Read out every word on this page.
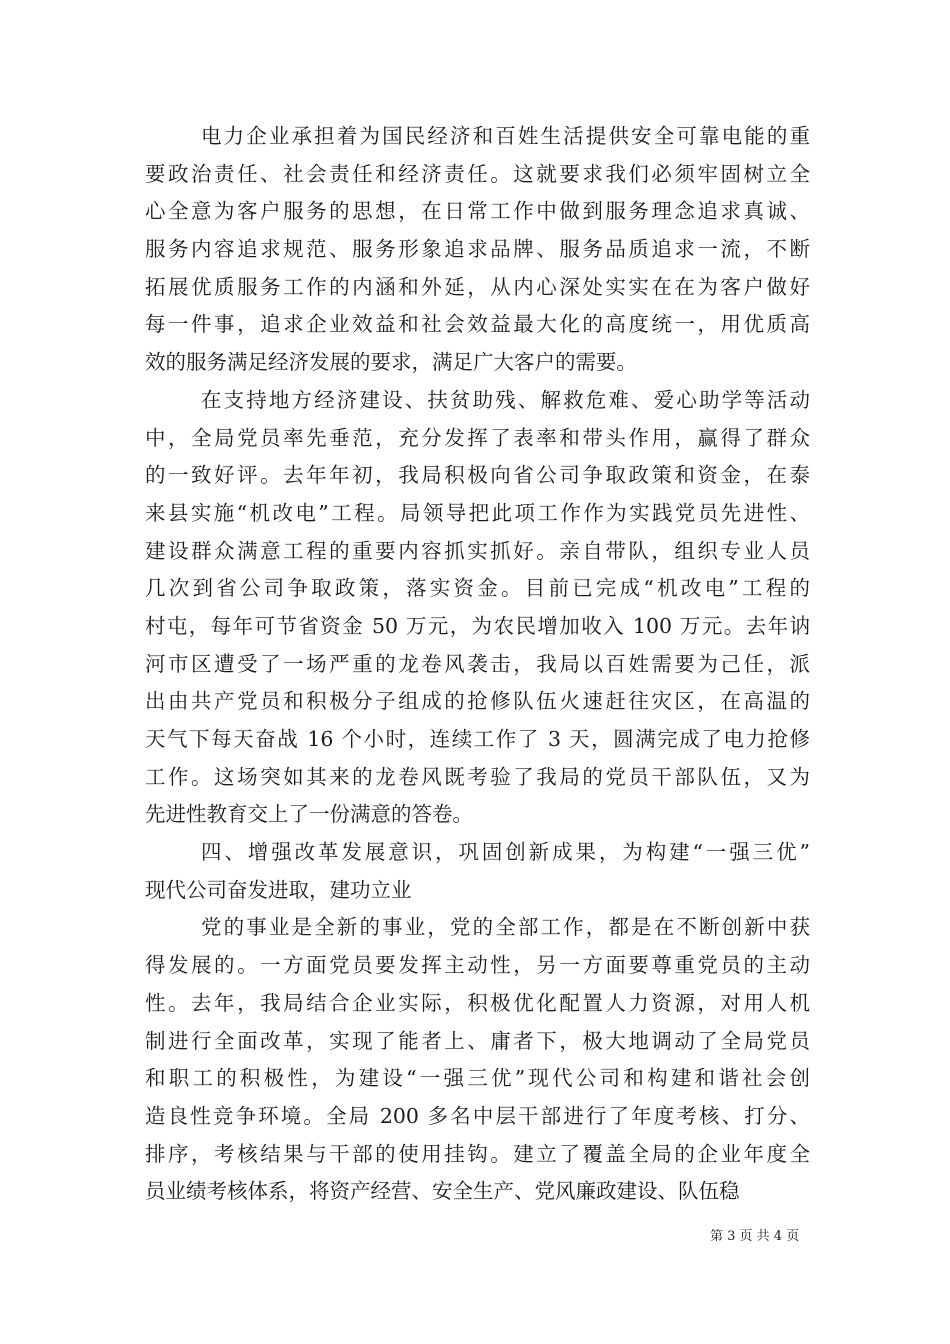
电力企业承担着为国民经济和百姓生活提供安全可靠电能的重
要政治责任、社会责任和经济责任。这就要求我们必须牢固树立全
心全意为客户服务的思想，在日常工作中做到服务理念追求真诚、
服务内容追求规范、服务形象追求品牌、服务品质追求一流，不断
拓展优质服务工作的内涵和外延，从内心深处实实在在为客户做好
每一件事，追求企业效益和社会效益最大化的高度统一，用优质高
效的服务满足经济发展的要求，满足广大客户的需要。
在支持地方经济建设、扶贫助残、解救危难、爱心助学等活动
中，全局党员率先垂范，充分发挥了表率和带头作用，赢得了群众
的一致好评。去年年初，我局积极向省公司争取政策和资金，在泰
来县实施“机改电”工程。局领导把此项工作作为实践党员先进性、
建设群众满意工程的重要内容抓实抓好。亲自带队，组织专业人员
几次到省公司争取政策，落实资金。目前已完成“机改电”工程的
村屯，每年可节省资金 50 万元，为农民增加收入 100 万元。去年讷
河市区遭受了一场严重的龙卷风袭击，我局以百姓需要为己任，派
出由共产党员和积极分子组成的抢修队伍火速赶往灾区，在高温的
天气下每天奋战 16 个小时，连续工作了 3 天，圆满完成了电力抢修
工作。这场突如其来的龙卷风既考验了我局的党员干部队伍，又为
先进性教育交上了一份满意的答卷。
四、增强改革发展意识，巩固创新成果，为构建“一强三优”
现代公司奋发进取，建功立业
党的事业是全新的事业，党的全部工作，都是在不断创新中获
得发展的。一方面党员要发挥主动性，另一方面要尊重党员的主动
性。去年，我局结合企业实际，积极优化配置人力资源，对用人机
制进行全面改革，实现了能者上、庸者下，极大地调动了全局党员
和职工的积极性，为建设“一强三优”现代公司和构建和谐社会创
造良性竞争环境。全局 200 多名中层干部进行了年度考核、打分、
排序，考核结果与干部的使用挂钩。建立了覆盖全局的企业年度全
员业绩考核体系，将资产经营、安全生产、党风廉政建设、队伍稳
第 3 页 共 4 页
